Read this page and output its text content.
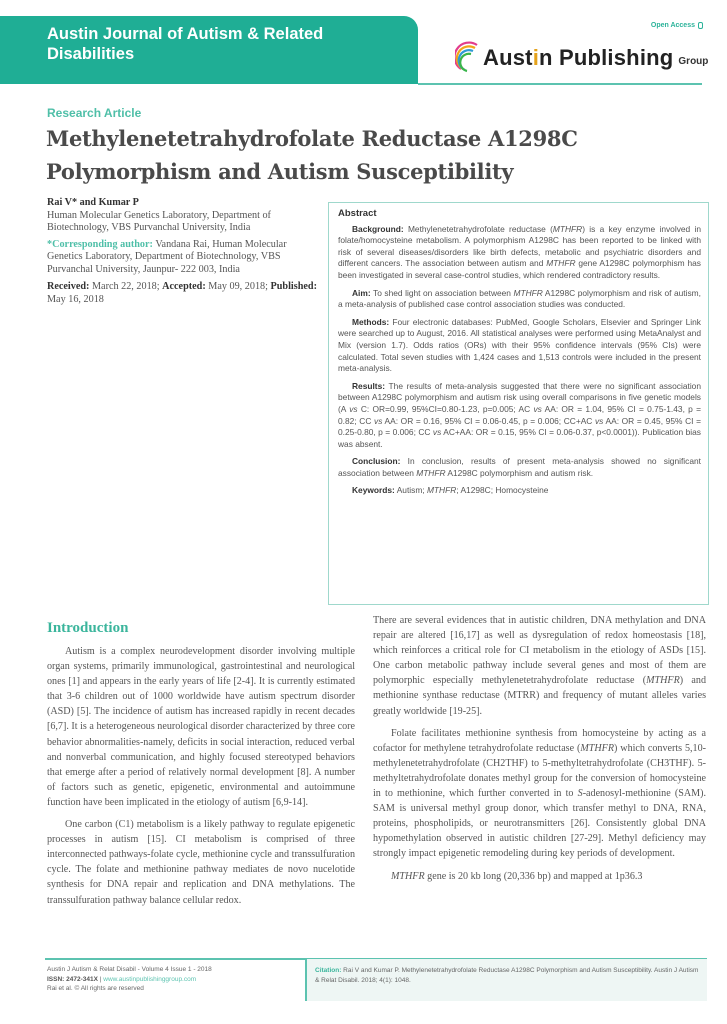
Austin Journal of Autism & Related Disabilities
Open Access
Austin Publishing Group
Research Article
Methylenetetrahydrofolate Reductase A1298C Polymorphism and Autism Susceptibility
Rai V* and Kumar P
Human Molecular Genetics Laboratory, Department of Biotechnology, VBS Purvanchal University, India
*Corresponding author: Vandana Rai, Human Molecular Genetics Laboratory, Department of Biotechnology, VBS Purvanchal University, Jaunpur- 222 003, India
Received: March 22, 2018; Accepted: May 09, 2018; Published: May 16, 2018
Abstract

Background: Methylenetetrahydrofolate reductase (MTHFR) is a key enzyme involved in folate/homocysteine metabolism. A polymorphism A1298C has been reported to be linked with risk of several diseases/disorders like birth defects, metabolic and psychiatric disorders and different cancers. The association between autism and MTHFR gene A1298C polymorphism has been investigated in several case-control studies, which rendered contradictory results.

Aim: To shed light on association between MTHFR A1298C polymorphism and risk of autism, a meta-analysis of published case control association studies was conducted.

Methods: Four electronic databases: PubMed, Google Scholars, Elsevier and Springer Link were searched up to August, 2016. All statistical analyses were performed using MetaAnalyst and Mix (version 1.7). Odds ratios (ORs) with their 95% confidence intervals (95% CIs) were calculated. Total seven studies with 1,424 cases and 1,513 controls were included in the present meta-analysis.

Results: The results of meta-analysis suggested that there were no significant association between A1298C polymorphism and autism risk using overall comparisons in five genetic models (A vs C: OR=0.99, 95%CI=0.80-1.23, p=0.005; AC vs AA: OR = 1.04, 95% CI = 0.75-1.43, p = 0.82; CC vs AA: OR = 0.16, 95% CI = 0.06-0.45, p = 0.006; CC+AC vs AA: OR = 0.45, 95% CI = 0.25-0.80, p = 0.006; CC vs AC+AA: OR = 0.15, 95% CI = 0.06-0.37, p<0.0001)). Publication bias was absent.

Conclusion: In conclusion, results of present meta-analysis showed no significant association between MTHFR A1298C polymorphism and autism risk.

Keywords: Autism; MTHFR; A1298C; Homocysteine

Introduction

Autism is a complex neurodevelopment disorder involving multiple organ systems, primarily immunological, gastrointestinal and neurological ones [1] and appears in the early years of life [2-4]. It is currently estimated that 3-6 children out of 1000 worldwide have autism spectrum disorder (ASD) [5]. The incidence of autism has increased rapidly in recent decades [6,7]. It is a heterogeneous neurological disorder characterized by three core behavior abnormalities-namely, deficits in social interaction, reduced verbal and nonverbal communication, and highly focused stereotyped behaviors that emerge after a period of relatively normal development [8]. A number of factors such as genetic, epigenetic, environmental and autoimmune function have been implicated in the etiology of autism [6,9-14].

One carbon (C1) metabolism is a likely pathway to regulate epigenetic processes in autism [15]. CI metabolism is comprised of three interconnected pathways-folate cycle, methionine cycle and transsulfuration cycle. The folate and methionine pathway mediates de novo nucelotide synthesis for DNA repair and replication and DNA methylations. The transsulfuration pathway balance cellular redox.

There are several evidences that in autistic children, DNA methylation and DNA repair are altered [16,17] as well as dysregulation of redox homeostasis [18], which reinforces a critical role for CI metabolism in the etiology of ASDs [15]. One carbon metabolic pathway include several genes and most of them are polymorphic especially methylenetetrahydrofolate reductase (MTHFR) and methionine synthase reductase (MTRR) and frequency of mutant alleles varies greatly worldwide [19-25].

Folate facilitates methionine synthesis from homocysteine by acting as a cofactor for methylene tetrahydrofolate reductase (MTHFR) which converts 5,10-methylenetetrahydrofolate (CH2THF) to 5-methyltetrahydrofolate (CH3THF). 5-methyltetrahydrofolate donates methyl group for the conversion of homocysteine in to methionine, which further converted in to S-adenosyl-methionine (SAM). SAM is universal methyl group donor, which transfer methyl to DNA, RNA, proteins, phospholipids, or neurotransmitters [26]. Consistently global DNA hypomethylation observed in autistic children [27-29]. Methyl deficiency may strongly impact epigenetic remodeling during key periods of development.

MTHFR gene is 20 kb long (20,336 bp) and mapped at 1p36.3

Austin J Autism & Relat Disabil - Volume 4 Issue 1 - 2018
ISSN: 2472-341X | www.austinpublishinggroup.com
Rai et al. © All rights are reserved
Citation: Rai V and Kumar P. Methylenetetrahydrofolate Reductase A1298C Polymorphism and Autism Susceptibility. Austin J Autism & Relat Disabil. 2018; 4(1): 1048.
